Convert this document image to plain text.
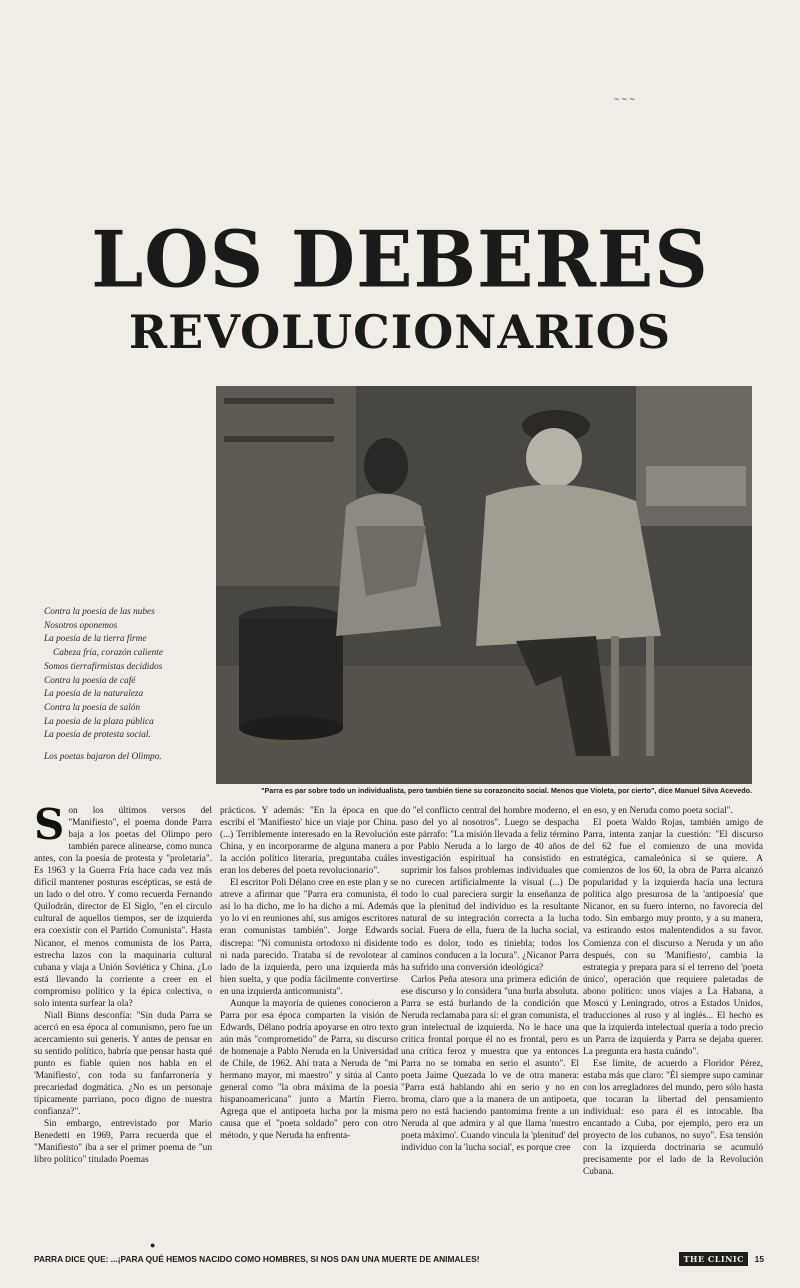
~ ~ ~
LOS DEBERES
REVOLUCIONARIOS
"Parra es par sobre todo un individualista, pero también tiene su corazoncito social. Menos que Violeta, por cierto", dice Manuel Silva Acevedo.
Contra la poesía de las nubes
Nosotros oponemos
La poesía de la tierra firme
Cabeza fría, corazón caliente
Somos tierrafirmistas decididos
Contra la poesía de café
La poesía de la naturaleza
Contra la poesía de salón
La poesía de la plaza pública
La poesía de protesta social.
Los poetas bajaron del Olimpo.

Son los últimos versos del "Manifiesto", el poema donde Parra baja a los poetas del Olimpo pero también parece alinearse, como nunca antes, con la poesía de protesta y "proletaria". Es 1963 y la Guerra Fría hace cada vez más difícil mantener posturas escépticas, se está de un lado o del otro. Y como recuerda Fernando Quilodrán, director de El Siglo, "en el círculo cultural de aquellos tiempos, ser de izquierda era coexistir con el Partido Comunista". Hasta Nicanor, el menos comunista de los Parra, estrecha lazos con la maquinaria cultural cubana y viaja a Unión Soviética y China. ¿Lo está llevando la corriente a creer en el compromiso político y la épica colectiva, o solo intenta surfear la ola?

Niall Binns desconfía: "Sin duda Parra se acercó en esa época al comunismo, pero fue un acercamiento sui generis. Y antes de pensar en su sentido político, habría que pensar hasta qué punto es fiable quien nos habla en el 'Manifiesto', con toda su fanfarronería y precariedad dogmática. ¿No es un personaje típicamente parriano, poco digno de nuestra confianza?".

Sin embargo, entrevistado por Mario Benedetti en 1969, Parra recuerda que el "Manifiesto" iba a ser el primer poema de "un libro político" titulado Poemas

prácticos. Y además: "En la época en que escribí el 'Manifiesto' hice un viaje por China. (...) Terriblemente interesado en la Revolución China, y en incorporarme de alguna manera a la acción político literaria, preguntaba cuáles eran los deberes del poeta revolucionario".

El escritor Poli Délano cree en este plan y se atreve a afirmar que "Parra era comunista, él así lo ha dicho, me lo ha dicho a mí. Además yo lo vi en reuniones ahí, sus amigos escritores eran comunistas también". Jorge Edwards discrepa: "Ni comunista ortodoxo ni disidente ni nada parecido. Trataba sí de revolotear al lado de la izquierda, pero una izquierda más bien suelta, y que podía fácilmente convertirse en una izquierda anticomunista".

Aunque la mayoría de quienes conocieron a Parra por esa época comparten la visión de Edwards, Délano podría apoyarse en otro texto aún más "comprometido" de Parra, su discurso de homenaje a Pablo Neruda en la Universidad de Chile, de 1962. Ahí trata a Neruda de "mi hermano mayor, mi maestro" y sitúa al Canto general como "la obra máxima de la poesía hispanoamericana" junto a Martín Fierro. Agrega que el antipoeta lucha por la misma causa que el "poeta soldado" pero con otro método, y que Neruda ha enfrenta-

do "el conflicto central del hombre moderno, el paso del yo al nosotros". Luego se despacha este párrafo: "La misión llevada a feliz término por Pablo Neruda a lo largo de 40 años de investigación espiritual ha consistido en suprimir los falsos problemas individuales que no curecen artificialmente la visual (...) De todo lo cual pareciera surgir la enseñanza de que la plenitud del individuo es la resultante natural de su integración correcta a la lucha social. Fuera de ella, fuera de la lucha social, todo es dolor, todo es tiniebla; todos los caminos conducen a la locura". ¿Nicanor Parra ha sufrido una conversión ideológica?

Carlos Peña atesora una primera edición de ese discurso y lo considera "una burla absoluta. Parra se está burlando de la condición que Neruda reclamaba para sí: el gran comunista, el gran intelectual de izquierda. No le hace una crítica frontal porque él no es frontal, pero es una crítica feroz y muestra que ya entonces Parra no se tomaba en serio el asunto". El poeta Jaime Quezada lo ve de otra manera: "Parra está hablando ahí en serio y no en broma, claro que a la manera de un antipoeta, pero no está haciendo pantomima frente a un Neruda al que admira y al que llama 'nuestro poeta máximo'. Cuando vincula la 'plenitud' del individuo con la 'lucha social', es porque cree

en eso, y en Neruda como poeta social".

El poeta Waldo Rojas, también amigo de Parra, intenta zanjar la cuestión: "El discurso del 62 fue el comienzo de una movida estratégica, camaleónica si se quiere. A comienzos de los 60, la obra de Parra alcanzó popularidad y la izquierda hacía una lectura política algo presurosa de la 'antipoesía' que Nicanor, en su fuero interno, no favorecía del todo. Sin embargo muy pronto, y a su manera, va estirando estos malentendidos a su favor. Comienza con el discurso a Neruda y un año después, con su 'Manifiesto', cambia la estrategia y prepara para sí el terreno del 'poeta único', operación que requiere paletadas de abono político: unos viajes a La Habana, a Moscú y Leningrado, otros a Estados Unidos, traducciones al ruso y al inglés... El hecho es que la izquierda intelectual quería a todo precio un Parra de izquierda y Parra se dejaba querer. La pregunta era hasta cuándo".

Ese límite, de acuerdo a Floridor Pérez, estaba más que claro: "Él siempre supo caminar con los arregladores del mundo, pero sólo hasta que tocaran la libertad del pensamiento individual: eso para él es intocable. Iba encantado a Cuba, por ejemplo, pero era un proyecto de los cubanos, no suyo". Esa tensión con la izquierda doctrinaria se acumuló precisamente por el lado de la Revolución Cubana.

●
PARRA DICE QUE: ...¡PARA QUÉ HEMOS NACIDO COMO HOMBRES, SI NOS DAN UNA MUERTE DE ANIMALES!	THE CLINIC	15
